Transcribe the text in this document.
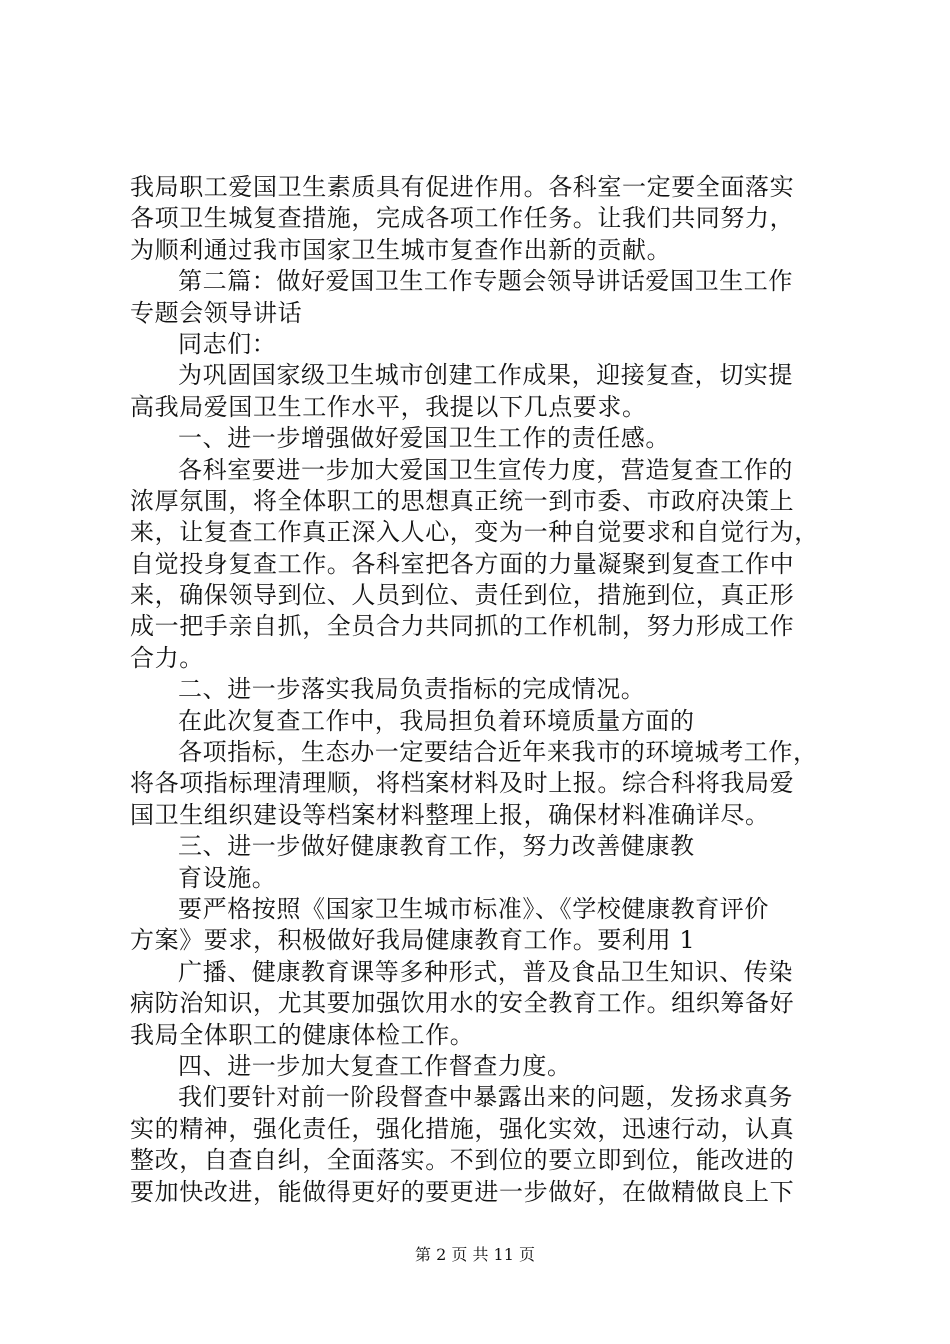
我局职工爱国卫生素质具有促进作用。各科室一定要全面落实
各项卫生城复查措施，完成各项工作任务。让我们共同努力，
为顺利通过我市国家卫生城市复查作出新的贡献。
第二篇：做好爱国卫生工作专题会领导讲话爱国卫生工作
专题会领导讲话
同志们：
为巩固国家级卫生城市创建工作成果，迎接复查，切实提
高我局爱国卫生工作水平，我提以下几点要求。
一、进一步增强做好爱国卫生工作的责任感。
各科室要进一步加大爱国卫生宣传力度，营造复查工作的
浓厚氛围，将全体职工的思想真正统一到市委、市政府决策上
来，让复查工作真正深入人心，变为一种自觉要求和自觉行为，
自觉投身复查工作。各科室把各方面的力量凝聚到复查工作中
来，确保领导到位、人员到位、责任到位，措施到位，真正形
成一把手亲自抓，全员合力共同抓的工作机制，努力形成工作
合力。
二、进一步落实我局负责指标的完成情况。
在此次复查工作中，我局担负着环境质量方面的
各项指标，生态办一定要结合近年来我市的环境城考工作，
将各项指标理清理顺，将档案材料及时上报。综合科将我局爱
国卫生组织建设等档案材料整理上报，确保材料准确详尽。
三、进一步做好健康教育工作，努力改善健康教
育设施。
要严格按照《国家卫生城市标准》、《学校健康教育评价
方案》要求，积极做好我局健康教育工作。要利用 1
广播、健康教育课等多种形式，普及食品卫生知识、传染
病防治知识，尤其要加强饮用水的安全教育工作。组织筹备好
我局全体职工的健康体检工作。
四、进一步加大复查工作督查力度。
我们要针对前一阶段督查中暴露出来的问题，发扬求真务
实的精神，强化责任，强化措施，强化实效，迅速行动，认真
整改，自查自纠，全面落实。不到位的要立即到位，能改进的
要加快改进，能做得更好的要更进一步做好，在做精做良上下
第 2 页 共 11 页
